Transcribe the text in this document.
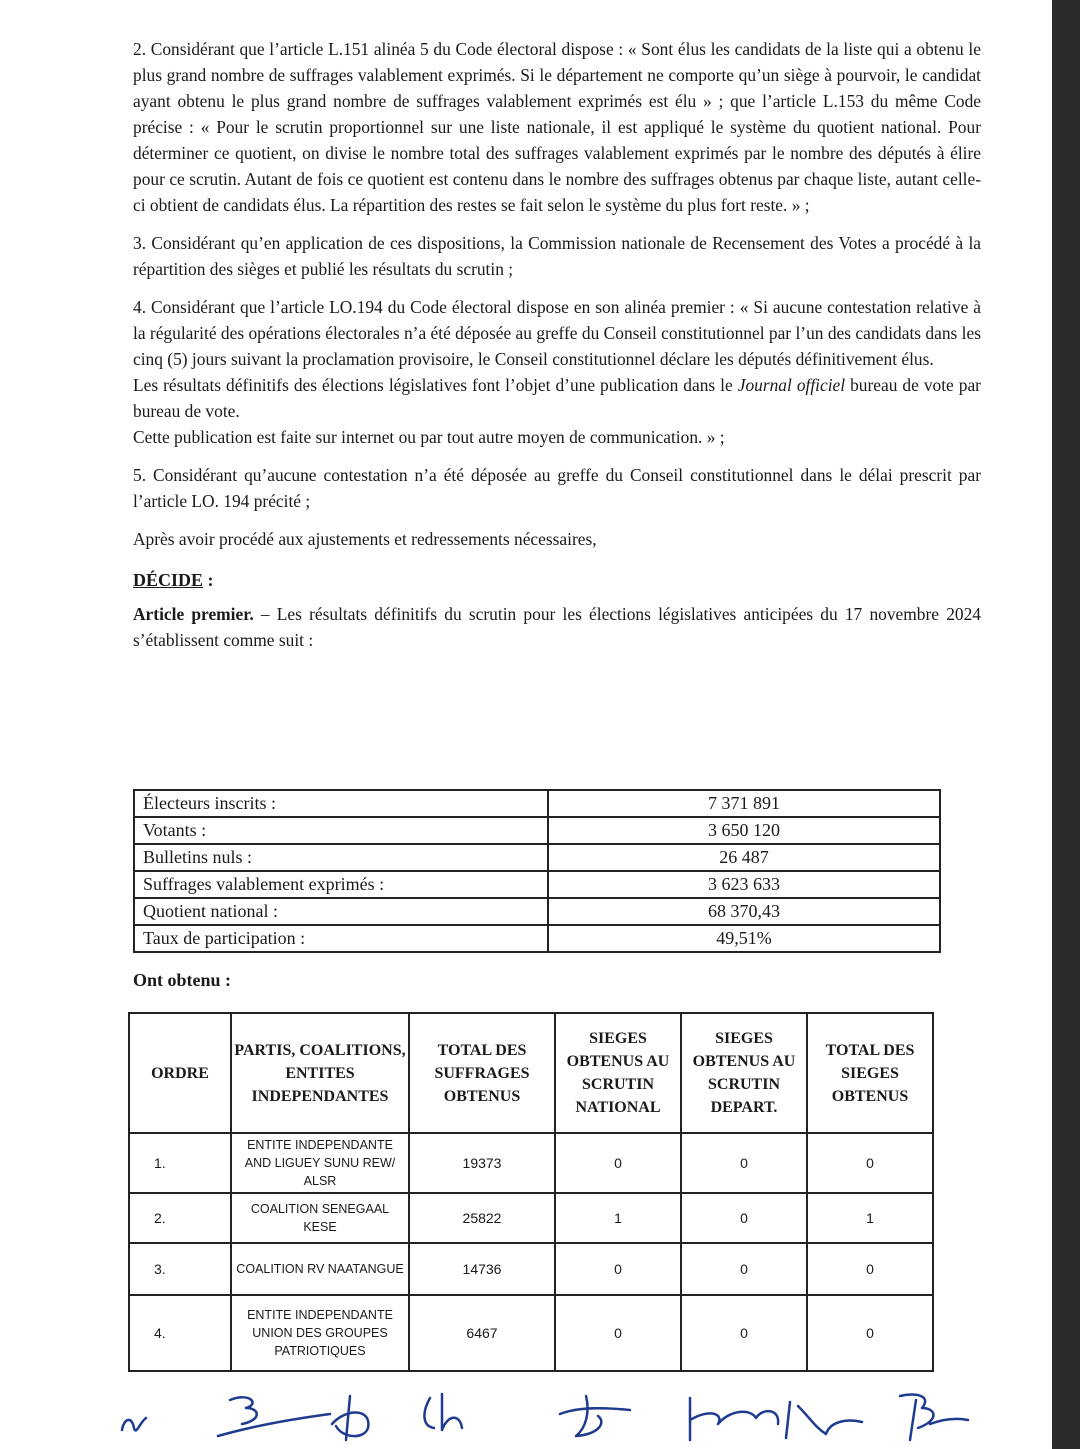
2. Considérant que l’article L.151 alinéa 5 du Code électoral dispose : « Sont élus les candidats de la liste qui a obtenu le plus grand nombre de suffrages valablement exprimés. Si le département ne comporte qu’un siège à pourvoir, le candidat ayant obtenu le plus grand nombre de suffrages valablement exprimés est élu » ; que l’article L.153 du même Code précise : « Pour le scrutin proportionnel sur une liste nationale, il est appliqué le système du quotient national. Pour déterminer ce quotient, on divise le nombre total des suffrages valablement exprimés par le nombre des députés à élire pour ce scrutin. Autant de fois ce quotient est contenu dans le nombre des suffrages obtenus par chaque liste, autant celle-ci obtient de candidats élus. La répartition des restes se fait selon le système du plus fort reste. » ;

3. Considérant qu’en application de ces dispositions, la Commission nationale de Recensement des Votes a procédé à la répartition des sièges et publié les résultats du scrutin ;

4. Considérant que l’article LO.194 du Code électoral dispose en son alinéa premier : « Si aucune contestation relative à la régularité des opérations électorales n’a été déposée au greffe du Conseil constitutionnel par l’un des candidats dans les cinq (5) jours suivant la proclamation provisoire, le Conseil constitutionnel déclare les députés définitivement élus.

Les résultats définitifs des élections législatives font l’objet d’une publication dans le Journal officiel bureau de vote par bureau de vote.

Cette publication est faite sur internet ou par tout autre moyen de communication. » ;

5. Considérant qu’aucune contestation n’a été déposée au greffe du Conseil constitutionnel dans le délai prescrit par l’article LO. 194 précité ;

Après avoir procédé aux ajustements et redressements nécessaires,

DÉCIDE :

Article premier. – Les résultats définitifs du scrutin pour les élections législatives anticipées du 17 novembre 2024 s’établissent comme suit :

Électeurs inscrits :	7 371 891
Votants :	3 650 120
Bulletins nuls :	26 487
Suffrages valablement exprimés :	3 623 633
Quotient national :	68 370,43
Taux de participation :	49,51%
Ont obtenu :
ORDRE	PARTIS, COALITIONS, ENTITES INDEPENDANTES	TOTAL DES SUFFRAGES OBTENUS	SIEGES OBTENUS AU SCRUTIN NATIONAL	SIEGES OBTENUS AU SCRUTIN DEPART.	TOTAL DES SIEGES OBTENUS
1.	ENTITE INDEPENDANTE AND LIGUEY SUNU REW/ ALSR	19373	0	0	0
2.	COALITION SENEGAAL KESE	25822	1	0	1
3.	COALITION RV NAATANGUE	14736	0	0	0
4.	ENTITE INDEPENDANTE UNION DES GROUPES PATRIOTIQUES	6467	0	0	0
